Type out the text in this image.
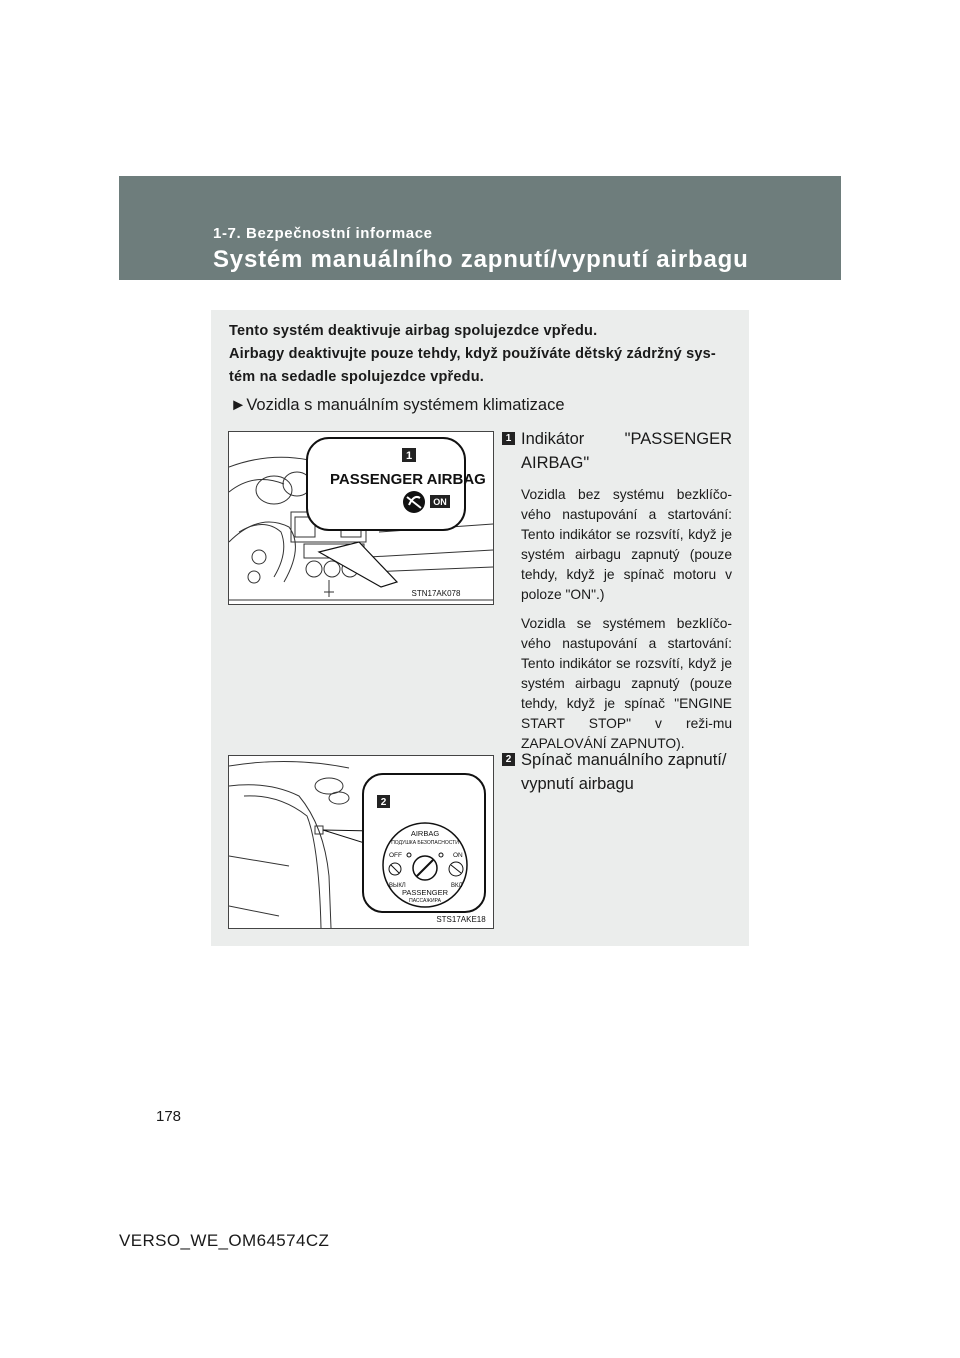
1-7. Bezpečnostní informace
Systém manuálního zapnutí/vypnutí airbagu

Tento systém deaktivuje airbag spolujezdce vpředu.

Airbagy deaktivujte pouze tehdy, když používáte dětský zádržný sys-tém na sedadle spolujezdce vpředu.

►Vozidla s manuálním systémem klimatizace
1
PASSENGER AIRBAG
ON
STN17AK078
2
AIRBAG
ПОДУШКА БЕЗОПАСНОСТИ
OFF	ON
ВЫКЛ	ВКЛ
PASSENGER
ПАССАЖИРА
STS17AKE18
1 Indikátor "PASSENGER AIRBAG"

Vozidla bez systému bezklíčo-vého nastupování a startování: Tento indikátor se rozsvítí, když je systém airbagu zapnutý (pouze tehdy, když je spínač motoru v poloze "ON".)

Vozidla se systémem bezklíčo-vého nastupování a startování: Tento indikátor se rozsvítí, když je systém airbagu zapnutý (pouze tehdy, když je spínač "ENGINE START STOP" v reži-mu ZAPALOVÁNÍ ZAPNUTO).

2 Spínač manuálního zapnutí/ vypnutí airbagu
178
VERSO_WE_OM64574CZ
